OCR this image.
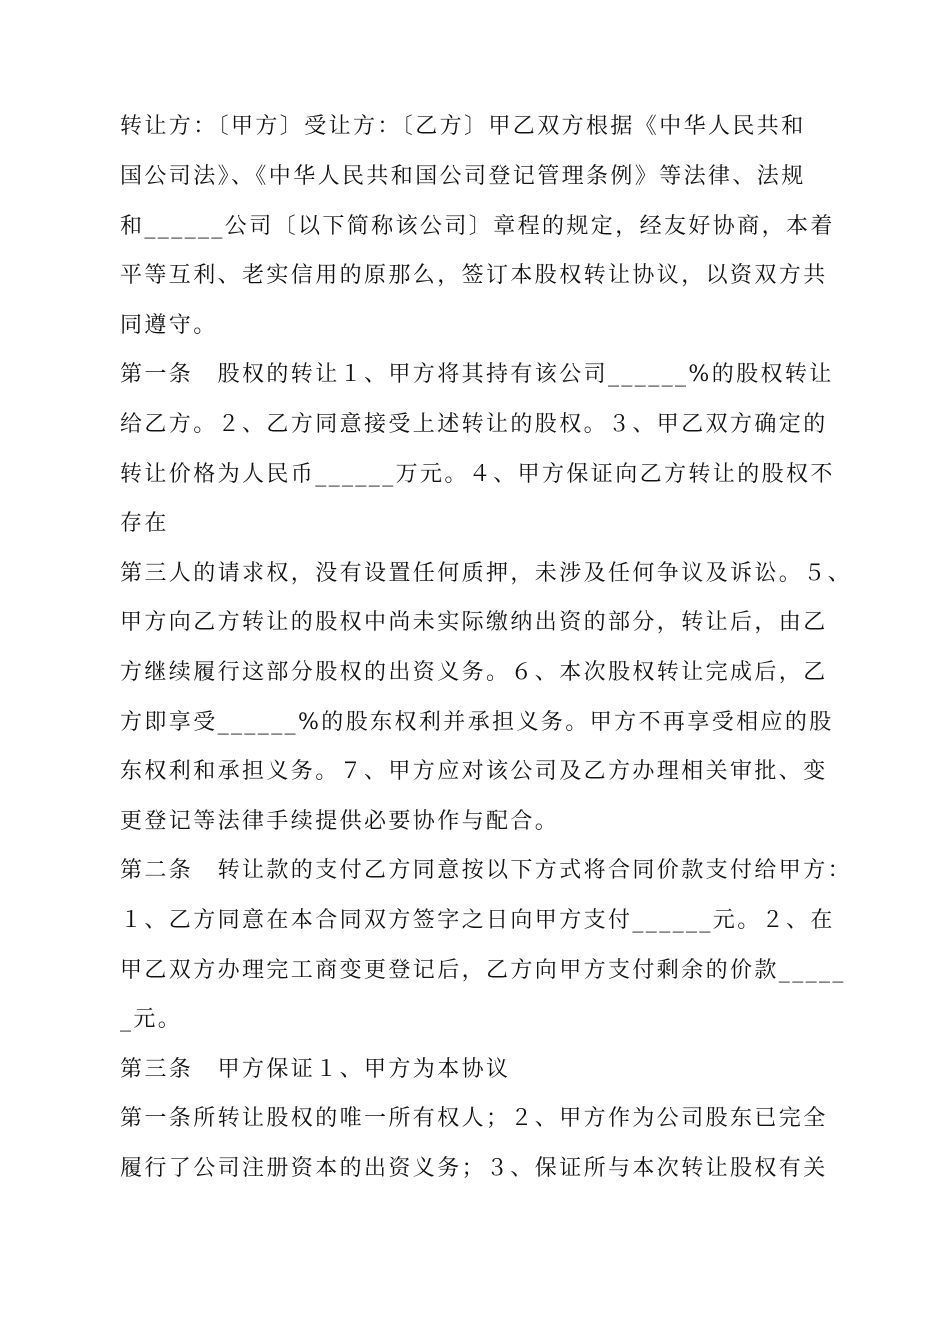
转让方：〔甲方〕受让方：〔乙方〕甲乙双方根据《中华人民共和
国公司法》、《中华人民共和国公司登记管理条例》等法律、法规
和______公司〔以下简称该公司〕章程的规定，经友好协商，本着
平等互利、老实信用的原那么，签订本股权转让协议，以资双方共
同遵守。
第一条　股权的转让１、甲方将其持有该公司______%的股权转让
给乙方。２、乙方同意接受上述转让的股权。３、甲乙双方确定的
转让价格为人民币______万元。４、甲方保证向乙方转让的股权不
存在
第三人的请求权，没有设置任何质押，未涉及任何争议及诉讼。５、
甲方向乙方转让的股权中尚未实际缴纳出资的部分，转让后，由乙
方继续履行这部分股权的出资义务。６、本次股权转让完成后，乙
方即享受______%的股东权利并承担义务。甲方不再享受相应的股
东权利和承担义务。７、甲方应对该公司及乙方办理相关审批、变
更登记等法律手续提供必要协作与配合。
第二条　转让款的支付乙方同意按以下方式将合同价款支付给甲方：
１、乙方同意在本合同双方签字之日向甲方支付______元。２、在
甲乙双方办理完工商变更登记后，乙方向甲方支付剩余的价款_____
_元。
第三条　甲方保证１、甲方为本协议
第一条所转让股权的唯一所有权人；２、甲方作为公司股东已完全
履行了公司注册资本的出资义务；３、保证所与本次转让股权有关
